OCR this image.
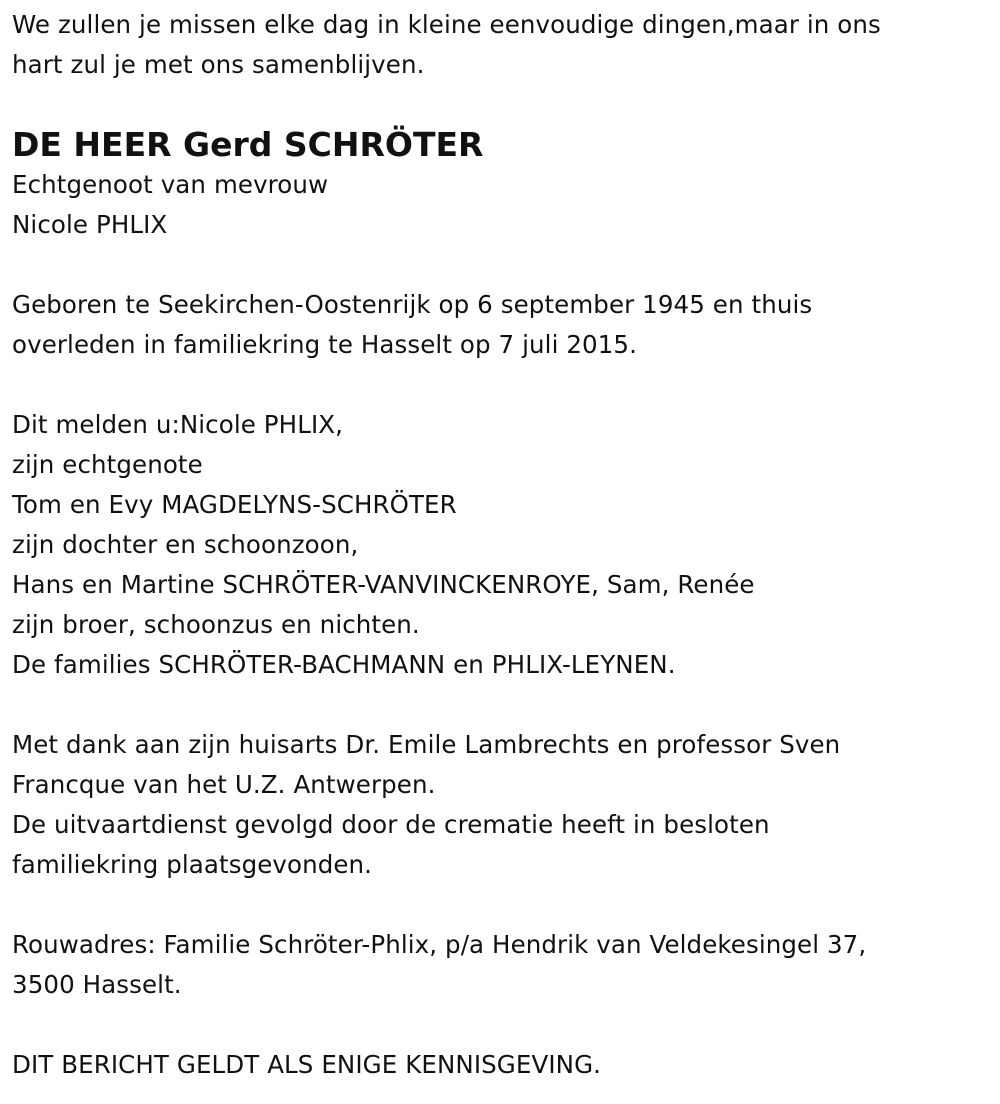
We zullen je missen elke dag in kleine eenvoudige dingen,maar in ons
hart zul je met ons samenblijven.
DE HEER Gerd SCHRÖTER
Echtgenoot van mevrouw
Nicole PHLIX
Geboren te Seekirchen-Oostenrijk op 6 september 1945 en thuis
overleden in familiekring te Hasselt op 7 juli 2015.
Dit melden u:Nicole PHLIX,
zijn echtgenote
Tom en Evy MAGDELYNS-SCHRÖTER
zijn dochter en schoonzoon,
Hans en Martine SCHRÖTER-VANVINCKENROYE, Sam, Renée
zijn broer, schoonzus en nichten.
De families SCHRÖTER-BACHMANN en PHLIX-LEYNEN.
Met dank aan zijn huisarts Dr. Emile Lambrechts en professor Sven
Francque van het U.Z. Antwerpen.
De uitvaartdienst gevolgd door de crematie heeft in besloten
familiekring plaatsgevonden.
Rouwadres: Familie Schröter-Phlix, p/a Hendrik van Veldekesingel 37,
3500 Hasselt.
DIT BERICHT GELDT ALS ENIGE KENNISGEVING.
